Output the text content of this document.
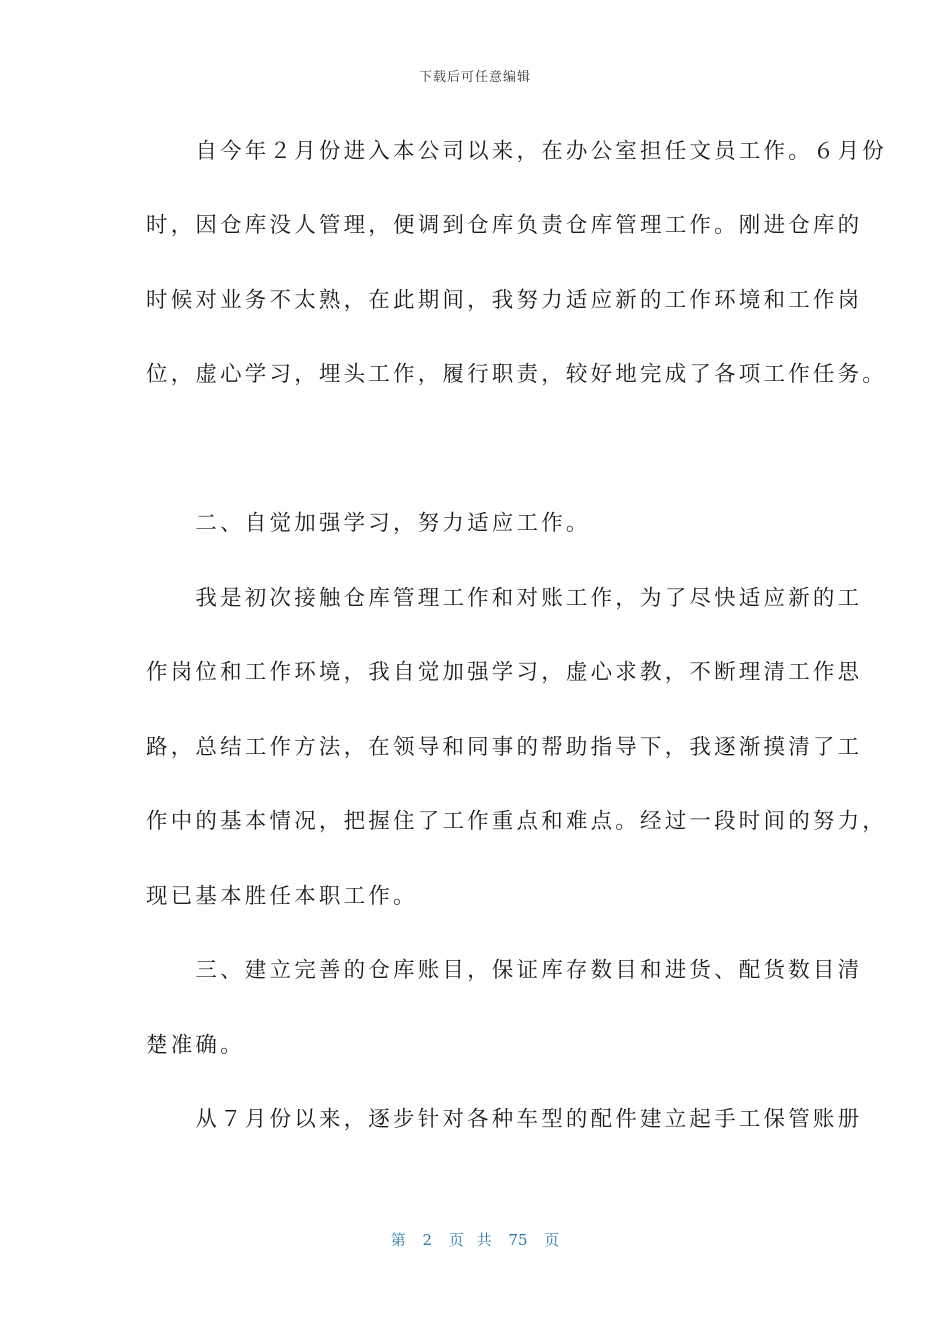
下载后可任意编辑
　　自今年２月份进入本公司以来，在办公室担任文员工作。６月份
时，因仓库没人管理，便调到仓库负责仓库管理工作。刚进仓库的
时候对业务不太熟，在此期间，我努力适应新的工作环境和工作岗
位，虚心学习，埋头工作，履行职责，较好地完成了各项工作任务。
　　二、自觉加强学习，努力适应工作。
　　我是初次接触仓库管理工作和对账工作，为了尽快适应新的工
作岗位和工作环境，我自觉加强学习，虚心求教，不断理清工作思
路，总结工作方法，在领导和同事的帮助指导下，我逐渐摸清了工
作中的基本情况，把握住了工作重点和难点。经过一段时间的努力，
现已基本胜任本职工作。
　　三、建立完善的仓库账目，保证库存数目和进货、配货数目清
楚准确。
　　从７月份以来，逐步针对各种车型的配件建立起手工保管账册
第 2 页 共 75 页
